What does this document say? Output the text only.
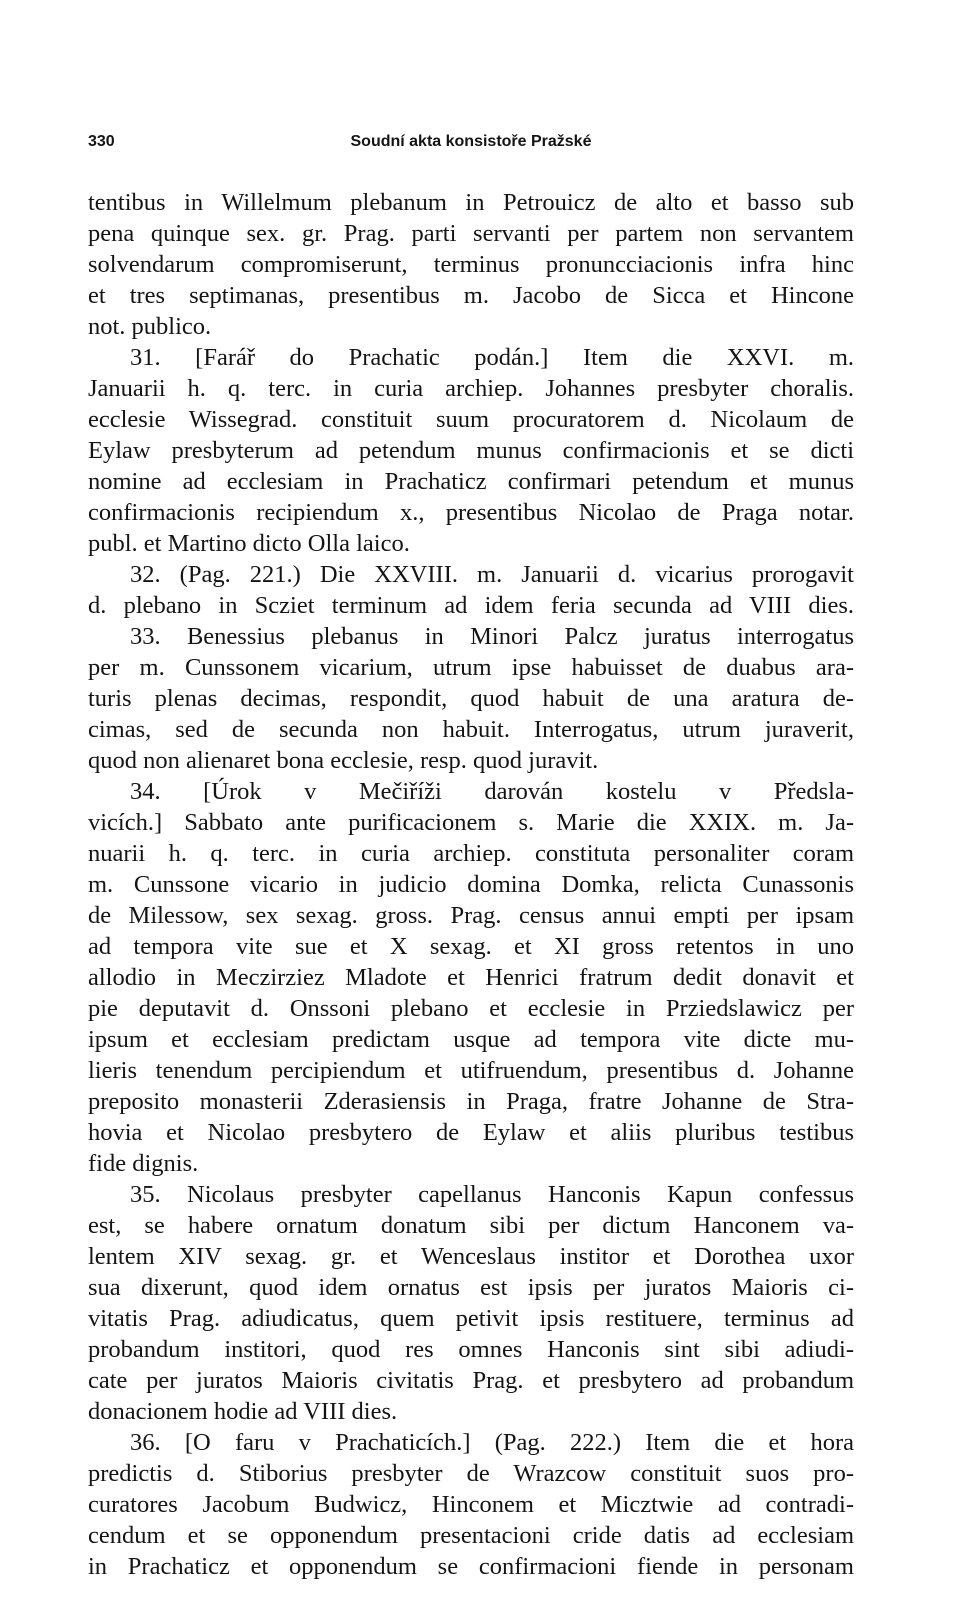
330	Soudní akta konsistoře Pražské
tentibus in Willelmum plebanum in Petrouicz de alto et basso sub
pena quinque sex. gr. Prag. parti servanti per partem non servantem
solvendarum compromiserunt, terminus pronuncciacionis infra hinc
et tres septimanas, presentibus m. Jacobo de Sicca et Hincone
not. publico.
31. [Farář do Prachatic podán.] Item die XXVI. m.
Januarii h. q. terc. in curia archiep. Johannes presbyter choralis.
ecclesie Wissegrad. constituit suum procuratorem d. Nicolaum de
Eylaw presbyterum ad petendum munus confirmacionis et se dicti
nomine ad ecclesiam in Prachaticz confirmari petendum et munus
confirmacionis recipiendum x., presentibus Nicolao de Praga notar.
publ. et Martino dicto Olla laico.
32. (Pag. 221.) Die XXVIII. m. Januarii d. vicarius prorogavit
d. plebano in Scziet terminum ad idem feria secunda ad VIII dies.
33. Benessius plebanus in Minori Palcz juratus interrogatus
per m. Cunssonem vicarium, utrum ipse habuisset de duabus ara-
turis plenas decimas, respondit, quod habuit de una aratura de-
cimas, sed de secunda non habuit. Interrogatus, utrum juraverit,
quod non alienaret bona ecclesie, resp. quod juravit.
34. [Úrok v Mečiříži darován kostelu v Předsla-
vicích.] Sabbato ante purificacionem s. Marie die XXIX. m. Ja-
nuarii h. q. terc. in curia archiep. constituta personaliter coram
m. Cunssone vicario in judicio domina Domka, relicta Cunassonis
de Milessow, sex sexag. gross. Prag. census annui empti per ipsam
ad tempora vite sue et X sexag. et XI gross retentos in uno
allodio in Meczirziez Mladote et Henrici fratrum dedit donavit et
pie deputavit d. Onssoni plebano et ecclesie in Prziedslawicz per
ipsum et ecclesiam predictam usque ad tempora vite dicte mu-
lieris tenendum percipiendum et utifruendum, presentibus d. Johanne
preposito monasterii Zderasiensis in Praga, fratre Johanne de Stra-
hovia et Nicolao presbytero de Eylaw et aliis pluribus testibus
fide dignis.
35. Nicolaus presbyter capellanus Hanconis Kapun confessus
est, se habere ornatum donatum sibi per dictum Hanconem va-
lentem XIV sexag. gr. et Wenceslaus institor et Dorothea uxor
sua dixerunt, quod idem ornatus est ipsis per juratos Maioris ci-
vitatis Prag. adiudicatus, quem petivit ipsis restituere, terminus ad
probandum institori, quod res omnes Hanconis sint sibi adiudi-
cate per juratos Maioris civitatis Prag. et presbytero ad probandum
donacionem hodie ad VIII dies.
36. [O faru v Prachaticích.] (Pag. 222.) Item die et hora
predictis d. Stiborius presbyter de Wrazcow constituit suos pro-
curatores Jacobum Budwicz, Hinconem et Micztwie ad contradi-
cendum et se opponendum presentacioni cride datis ad ecclesiam
in Prachaticz et opponendum se confirmacioni fiende in personam
